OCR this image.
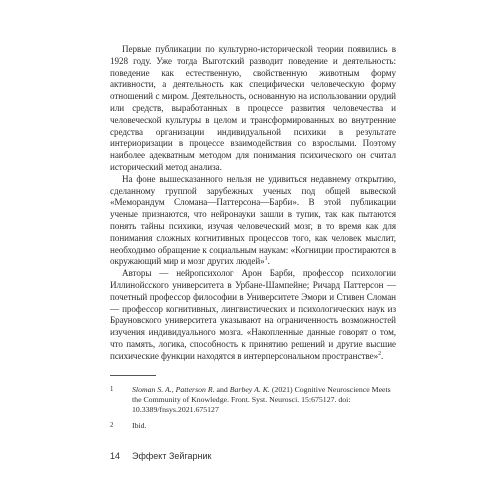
Первые публикации по культурно-исторической теории появились в 1928 году. Уже тогда Выготский разводит поведение и деятельность: поведение как естественную, свойственную животным форму активности, а деятельность как специфически человеческую форму отношений с миром. Деятельность, основанную на использовании орудий или средств, выработанных в процессе развития человечества и человеческой культуры в целом и трансформированных во внутренние средства организации индивидуальной психики в результате интериоризации в процессе взаимодействия со взрослыми. Поэтому наиболее адекватным методом для понимания психического он считал исторический метод анализа.

На фоне вышесказанного нельзя не удивиться недавнему открытию, сделанному группой зарубежных ученых под общей вывеской «Меморандум Сломана—Паттерсона—Барби». В этой публикации ученые признаются, что нейронауки зашли в тупик, так как пытаются понять тайны психики, изучая человеческий мозг, в то время как для понимания сложных когнитивных процессов того, как человек мыслит, необходимо обращение к социальным наукам: «Когниции простираются в окружающий мир и мозг других людей»$^1$.

Авторы — нейропсихолог Арон Барби, профессор психологии Иллинойсского университета в Урбане-Шампейне; Ричард Паттерсон — почетный профессор философии в Университете Эмори и Стивен Сломан — профессор когнитивных, лингвистических и психологических наук из Брауновского университета указывают на ограниченность возможностей изучения индивидуального мозга. «Накопленные данные говорят о том, что память, логика, способность к принятию решений и другие высшие психические функции находятся в интерперсональном пространстве»$^2$.

1	Sloman S. A., Patterson R. and Barbey A. K. (2021) Cognitive Neuroscience Meets the Community of Knowledge. Front. Syst. Neurosci. 15:675127. doi: 10.3389/fnsys.2021.675127
2	Ibid.
14 Эффект Зейгарник
